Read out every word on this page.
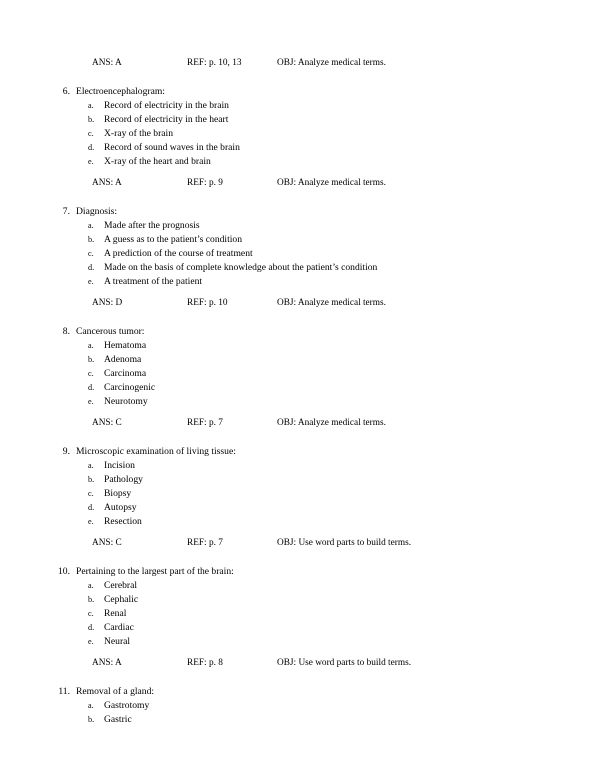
ANS: A	REF: p. 10, 13	OBJ: Analyze medical terms.
6. Electroencephalogram:
a. Record of electricity in the brain
b. Record of electricity in the heart
c. X-ray of the brain
d. Record of sound waves in the brain
e. X-ray of the heart and brain
ANS: A	REF: p. 9	OBJ: Analyze medical terms.
7. Diagnosis:
a. Made after the prognosis
b. A guess as to the patient’s condition
c. A prediction of the course of treatment
d. Made on the basis of complete knowledge about the patient’s condition
e. A treatment of the patient
ANS: D	REF: p. 10	OBJ: Analyze medical terms.
8. Cancerous tumor:
a. Hematoma
b. Adenoma
c. Carcinoma
d. Carcinogenic
e. Neurotomy
ANS: C	REF: p. 7	OBJ: Analyze medical terms.
9. Microscopic examination of living tissue:
a. Incision
b. Pathology
c. Biopsy
d. Autopsy
e. Resection
ANS: C	REF: p. 7	OBJ: Use word parts to build terms.
10. Pertaining to the largest part of the brain:
a. Cerebral
b. Cephalic
c. Renal
d. Cardiac
e. Neural
ANS: A	REF: p. 8	OBJ: Use word parts to build terms.
11. Removal of a gland:
a. Gastrotomy
b. Gastric
